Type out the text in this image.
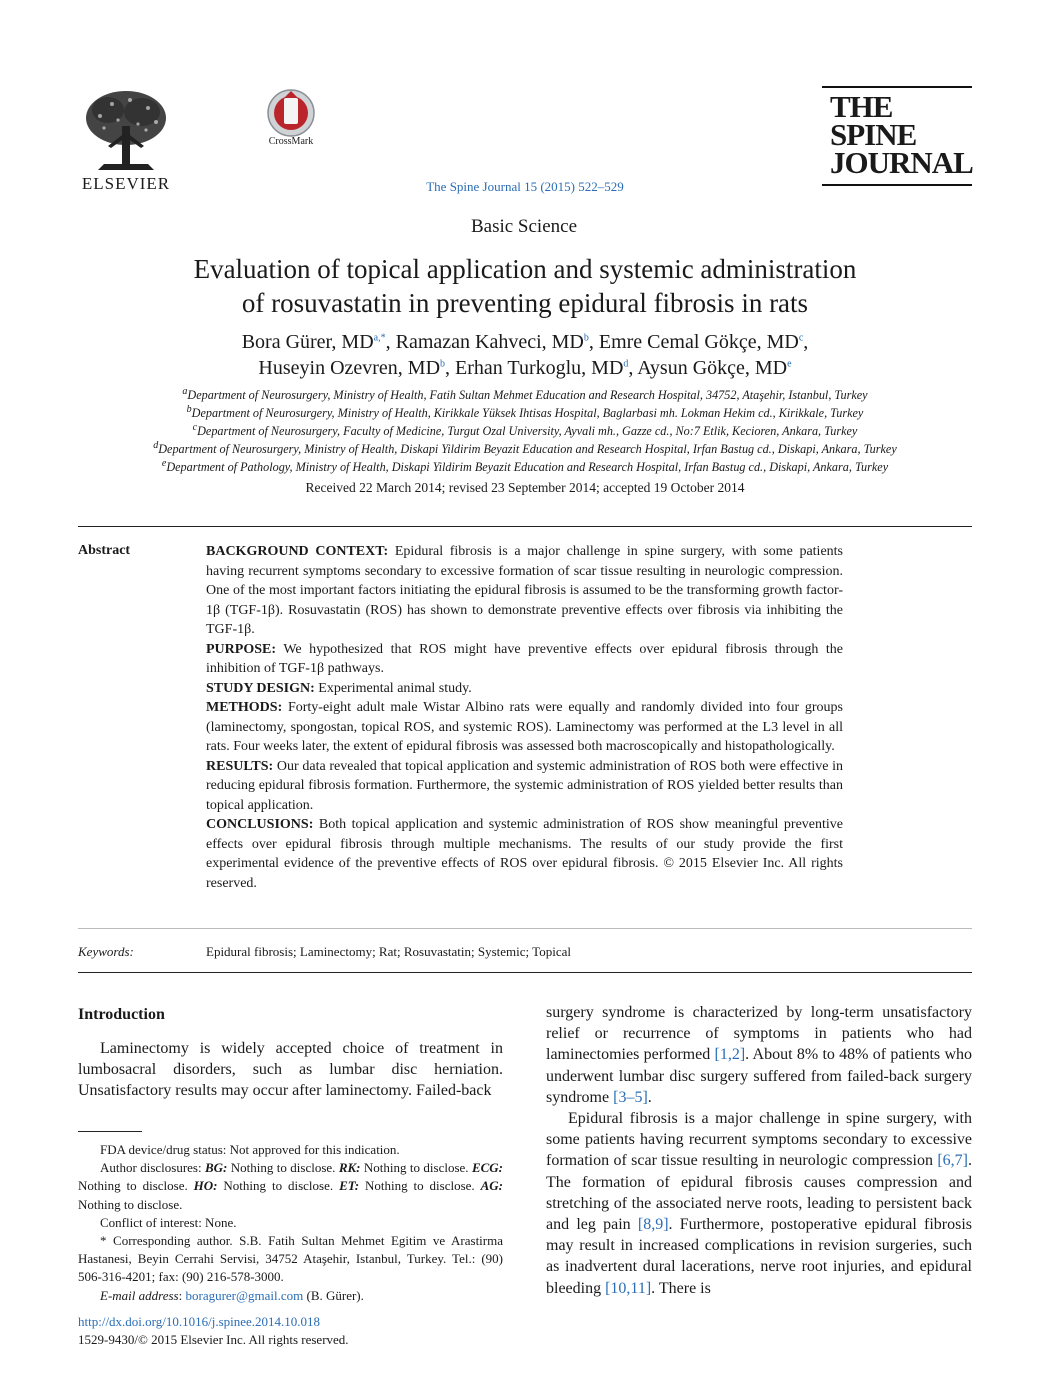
ELSEVIER
CrossMark
The Spine Journal 15 (2015) 522–529
THE
SPINE
JOURNAL
Basic Science
Evaluation of topical application and systemic administration
of rosuvastatin in preventing epidural fibrosis in rats
Bora Gürer, $MD^{a,*}$, Ramazan Kahveci, $MD^b$, Emre Cemal Gökçe, $MD^c$,
Huseyin Ozevren, $MD^b$, Erhan Turkoglu, $MD^d$, Aysun Gökçe, MDe
$^a$Department of Neurosurgery, Ministry of Health, Fatih Sultan Mehmet Education and Research Hospital, 34752, Ataşehir, Istanbul, Turkey
$^b$Department of Neurosurgery, Ministry of Health, Kirikkale Yüksek Ihtisas Hospital, Baglarbasi mh. Lokman Hekim cd., Kirikkale, Turkey
$^c$Department of Neurosurgery, Faculty of Medicine, Turgut Ozal University, Ayvali mh., Gazze cd., No:7 Etlik, Kecioren, Ankara, Turkey
$^d$Department of Neurosurgery, Ministry of Health, Diskapi Yildirim Beyazit Education and Research Hospital, Irfan Bastug cd., Diskapi, Ankara, Turkey
$^e$Department of Pathology, Ministry of Health, Diskapi Yildirim Beyazit Education and Research Hospital, Irfan Bastug cd., Diskapi, Ankara, Turkey
Received 22 March 2014; revised 23 September 2014; accepted 19 October 2014
Abstract	BACKGROUND CONTEXT: Epidural fibrosis is a major challenge in spine surgery, with some patients having recurrent symptoms secondary to excessive formation of scar tissue resulting in neurologic compression. One of the most important factors initiating the epidural fibrosis is assumed to be the transforming growth factor-1β (TGF-1β). Rosuvastatin (ROS) has shown to demonstrate preventive effects over fibrosis via inhibiting the TGF-1β.

PURPOSE: We hypothesized that ROS might have preventive effects over epidural fibrosis through the inhibition of TGF-1β pathways.

STUDY DESIGN: Experimental animal study.

METHODS: Forty-eight adult male Wistar Albino rats were equally and randomly divided into four groups (laminectomy, spongostan, topical ROS, and systemic ROS). Laminectomy was performed at the L3 level in all rats. Four weeks later, the extent of epidural fibrosis was assessed both macroscopically and histopathologically.

RESULTS: Our data revealed that topical application and systemic administration of ROS both were effective in reducing epidural fibrosis formation. Furthermore, the systemic administration of ROS yielded better results than topical application.

CONCLUSIONS: Both topical application and systemic administration of ROS show meaningful preventive effects over epidural fibrosis through multiple mechanisms. The results of our study provide the first experimental evidence of the preventive effects of ROS over epidural fibrosis. © 2015 Elsevier Inc. All rights reserved.

Keywords:	Epidural fibrosis; Laminectomy; Rat; Rosuvastatin; Systemic; Topical
Introduction

Laminectomy is widely accepted choice of treatment in lumbosacral disorders, such as lumbar disc herniation. Unsatisfactory results may occur after laminectomy. Failed-back

FDA device/drug status: Not approved for this indication.

Author disclosures: BG: Nothing to disclose. RK: Nothing to disclose. ECG: Nothing to disclose. HO: Nothing to disclose. ET: Nothing to disclose. AG: Nothing to disclose.

Conflict of interest: None.

* Corresponding author. S.B. Fatih Sultan Mehmet Egitim ve Arastirma Hastanesi, Beyin Cerrahi Servisi, 34752 Ataşehir, Istanbul, Turkey. Tel.: (90) 506-316-4201; fax: (90) 216-578-3000.

E-mail address: boragurer@gmail.com (B. Gürer).

http://dx.doi.org/10.1016/j.spinee.2014.10.018
1529-9430/© 2015 Elsevier Inc. All rights reserved.

surgery syndrome is characterized by long-term unsatisfactory relief or recurrence of symptoms in patients who had laminectomies performed [1,2]. About 8% to 48% of patients who underwent lumbar disc surgery suffered from failed-back surgery syndrome [3–5].

Epidural fibrosis is a major challenge in spine surgery, with some patients having recurrent symptoms secondary to excessive formation of scar tissue resulting in neurologic compression [6,7]. The formation of epidural fibrosis causes compression and stretching of the associated nerve roots, leading to persistent back and leg pain [8,9]. Furthermore, postoperative epidural fibrosis may result in increased complications in revision surgeries, such as inadvertent dural lacerations, nerve root injuries, and epidural bleeding [10,11]. There is
